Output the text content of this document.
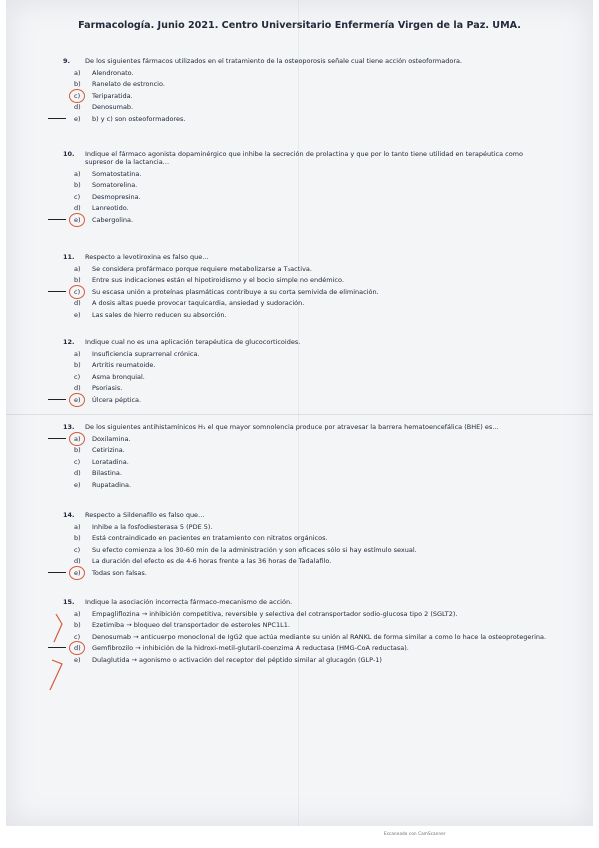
Farmacología. Junio 2021. Centro Universitario Enfermería Virgen de la Paz. UMA.
9.	De los siguientes fármacos utilizados en el tratamiento de la osteoporosis señale cual tiene acción osteoformadora.
a)	Alendronato.
b)	Ranelato de estroncio.
c)	Teriparatida.
d)	Denosumab.
e)	b) y c) son osteoformadores.
10.	Indique el fármaco agonista dopaminérgico que inhibe la secreción de prolactina y que por lo tanto tiene utilidad en terapéutica como supresor de la lactancia…
a)	Somatostatina.
b)	Somatorelina.
c)	Desmopresina.
d)	Lanreotido.
e)	Cabergolina.
11.	Respecto a levotiroxina es falso que…
a)	Se considera profármaco porque requiere metabolizarse a T₃activa.
b)	Entre sus indicaciones están el hipotiroidismo y el bocio simple no endémico.
c)	Su escasa unión a proteínas plasmáticas contribuye a su corta semivida de eliminación.
d)	A dosis altas puede provocar taquicardia, ansiedad y sudoración.
e)	Las sales de hierro reducen su absorción.
12.	Indique cual no es una aplicación terapéutica de glucocorticoides.
a)	Insuficiencia suprarrenal crónica.
b)	Artritis reumatoide.
c)	Asma bronquial.
d)	Psoriasis.
e)	Úlcera péptica.
13.	De los siguientes antihistamínicos H₁ el que mayor somnolencia produce por atravesar la barrera hematoencefálica (BHE) es…
a)	Doxilamina.
b)	Cetirizina.
c)	Loratadina.
d)	Bilastina.
e)	Rupatadina.
14.	Respecto a Sildenafilo es falso que…
a)	Inhibe a la fosfodiesterasa 5 (PDE 5).
b)	Está contraindicado en pacientes en tratamiento con nitratos orgánicos.
c)	Su efecto comienza a los 30-60 min de la administración y son eficaces sólo si hay estímulo sexual.
d)	La duración del efecto es de 4-6 horas frente a las 36 horas de Tadalafilo.
e)	Todas son falsas.
15.	Indique la asociación incorrecta fármaco-mecanismo de acción.
a)	Empagliflozina → inhibición competitiva, reversible y selectiva del cotransportador sodio-glucosa tipo 2 (SGLT2).
b)	Ezetimiba → bloqueo del transportador de esteroles NPC1L1.
c)	Denosumab → anticuerpo monoclonal de IgG2 que actúa mediante su unión al RANKL de forma similar a como lo hace la osteoprotegerina.
d)	Gemfibrozilo → inhibición de la hidroxi-metil-glutaril-coenzima A reductasa (HMG-CoA reductasa).
e)	Dulaglutida → agonismo o activación del receptor del péptido similar al glucagón (GLP-1)
Escaneado con CamScanner
